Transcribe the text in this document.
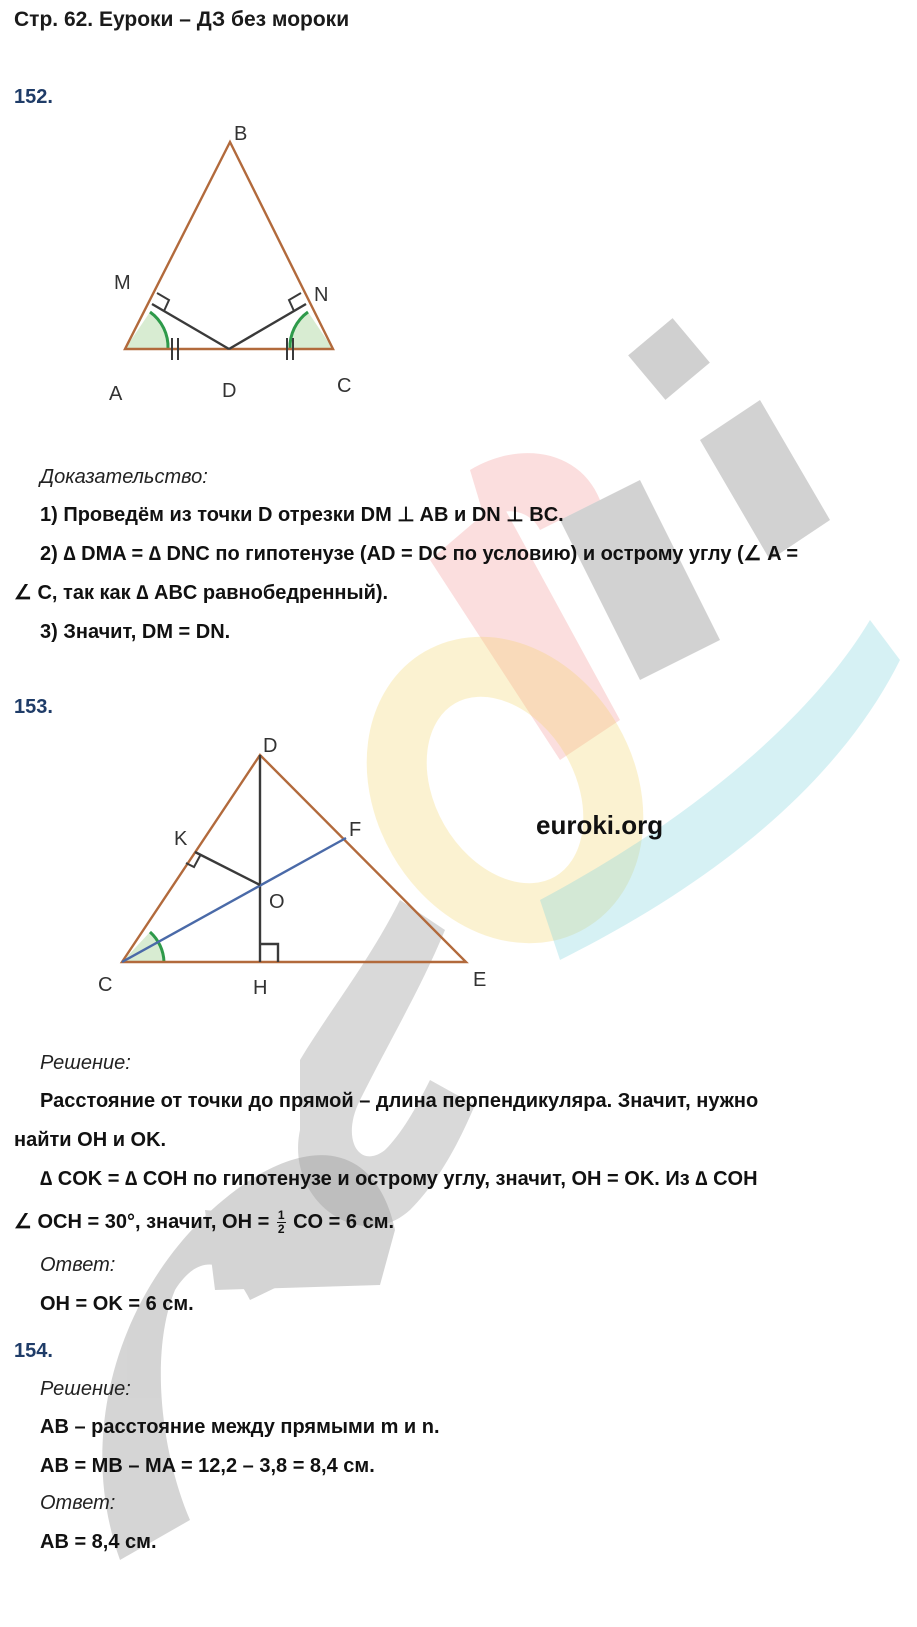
Стр. 62. Еуроки – ДЗ без мороки
152.
B
M
N
A	D	C
Доказательство:
1) Проведём из точки D отрезки DM ⊥ AB и DN ⊥ BC.
2) ∆ DMA = ∆ DNC по гипотенузе (AD = DC по условию) и острому углу (∠ A =
∠ C, так как ∆ ABC равнобедренный).
3) Значит, DM = DN.
153.
D
K	F
O
C	H	E
euroki.org
Решение:
Расстояние от точки до прямой – длина перпендикуляра. Значит, нужно
найти OH и OK.
∆ COK = ∆ COH по гипотенузе и острому углу, значит, OH = OK. Из ∆ COH
∠ OCH = 30°, значит, OH = $\frac{1}{2}$ CO = 6 см.
Ответ:
OH = OK = 6 см.
154.
Решение:
AB – расстояние между прямыми m и n.
AB = MB – MA = 12,2 – 3,8 = 8,4 см.
Ответ:
AB = 8,4 см.
